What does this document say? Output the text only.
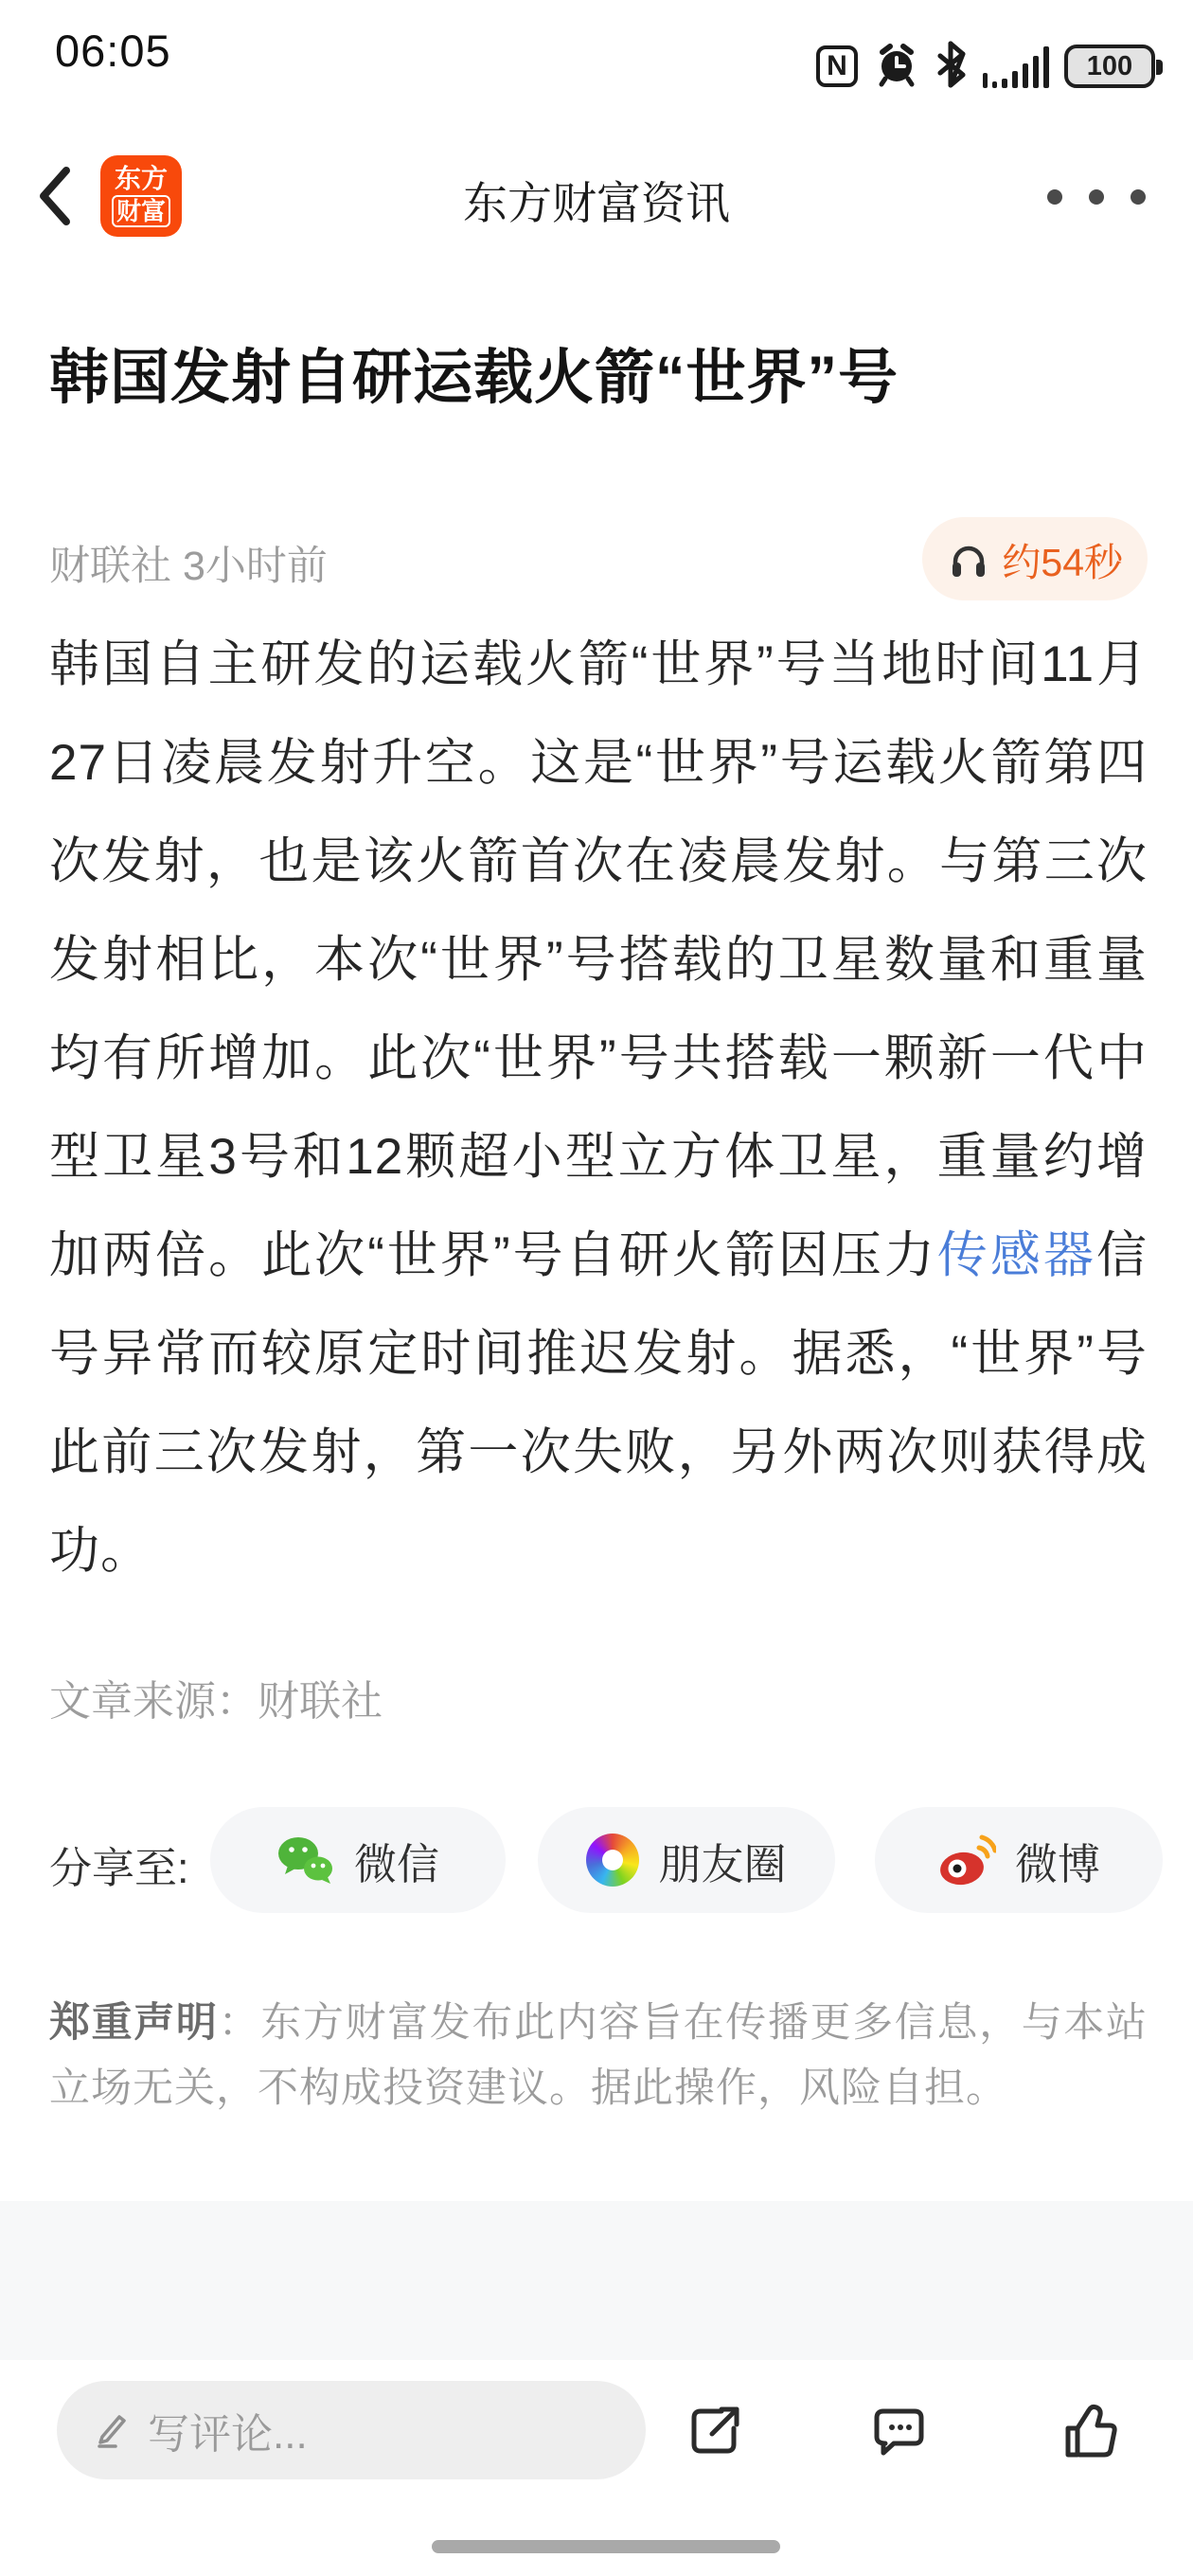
06:05	N	100
东方
财富	东方财富资讯
韩国发射自研运载火箭“世界”号
财联社 3小时前	约54秒
韩国自主研发的运载火箭“世界”号当地时间11月27日凌晨发射升空。这是“世界”号运载火箭第四次发射，也是该火箭首次在凌晨发射。与第三次发射相比，本次“世界”号搭载的卫星数量和重量均有所增加。此次“世界”号共搭载一颗新一代中型卫星3号和12颗超小型立方体卫星，重量约增加两倍。此次“世界”号自研火箭因压力传感器信号异常而较原定时间推迟发射。据悉，“世界”号此前三次发射，第一次失败，另外两次则获得成功。
文章来源：财联社
分享至:	微信	朋友圈	微博
郑重声明：东方财富发布此内容旨在传播更多信息，与本站立场无关，不构成投资建议。据此操作，风险自担。
写评论...
